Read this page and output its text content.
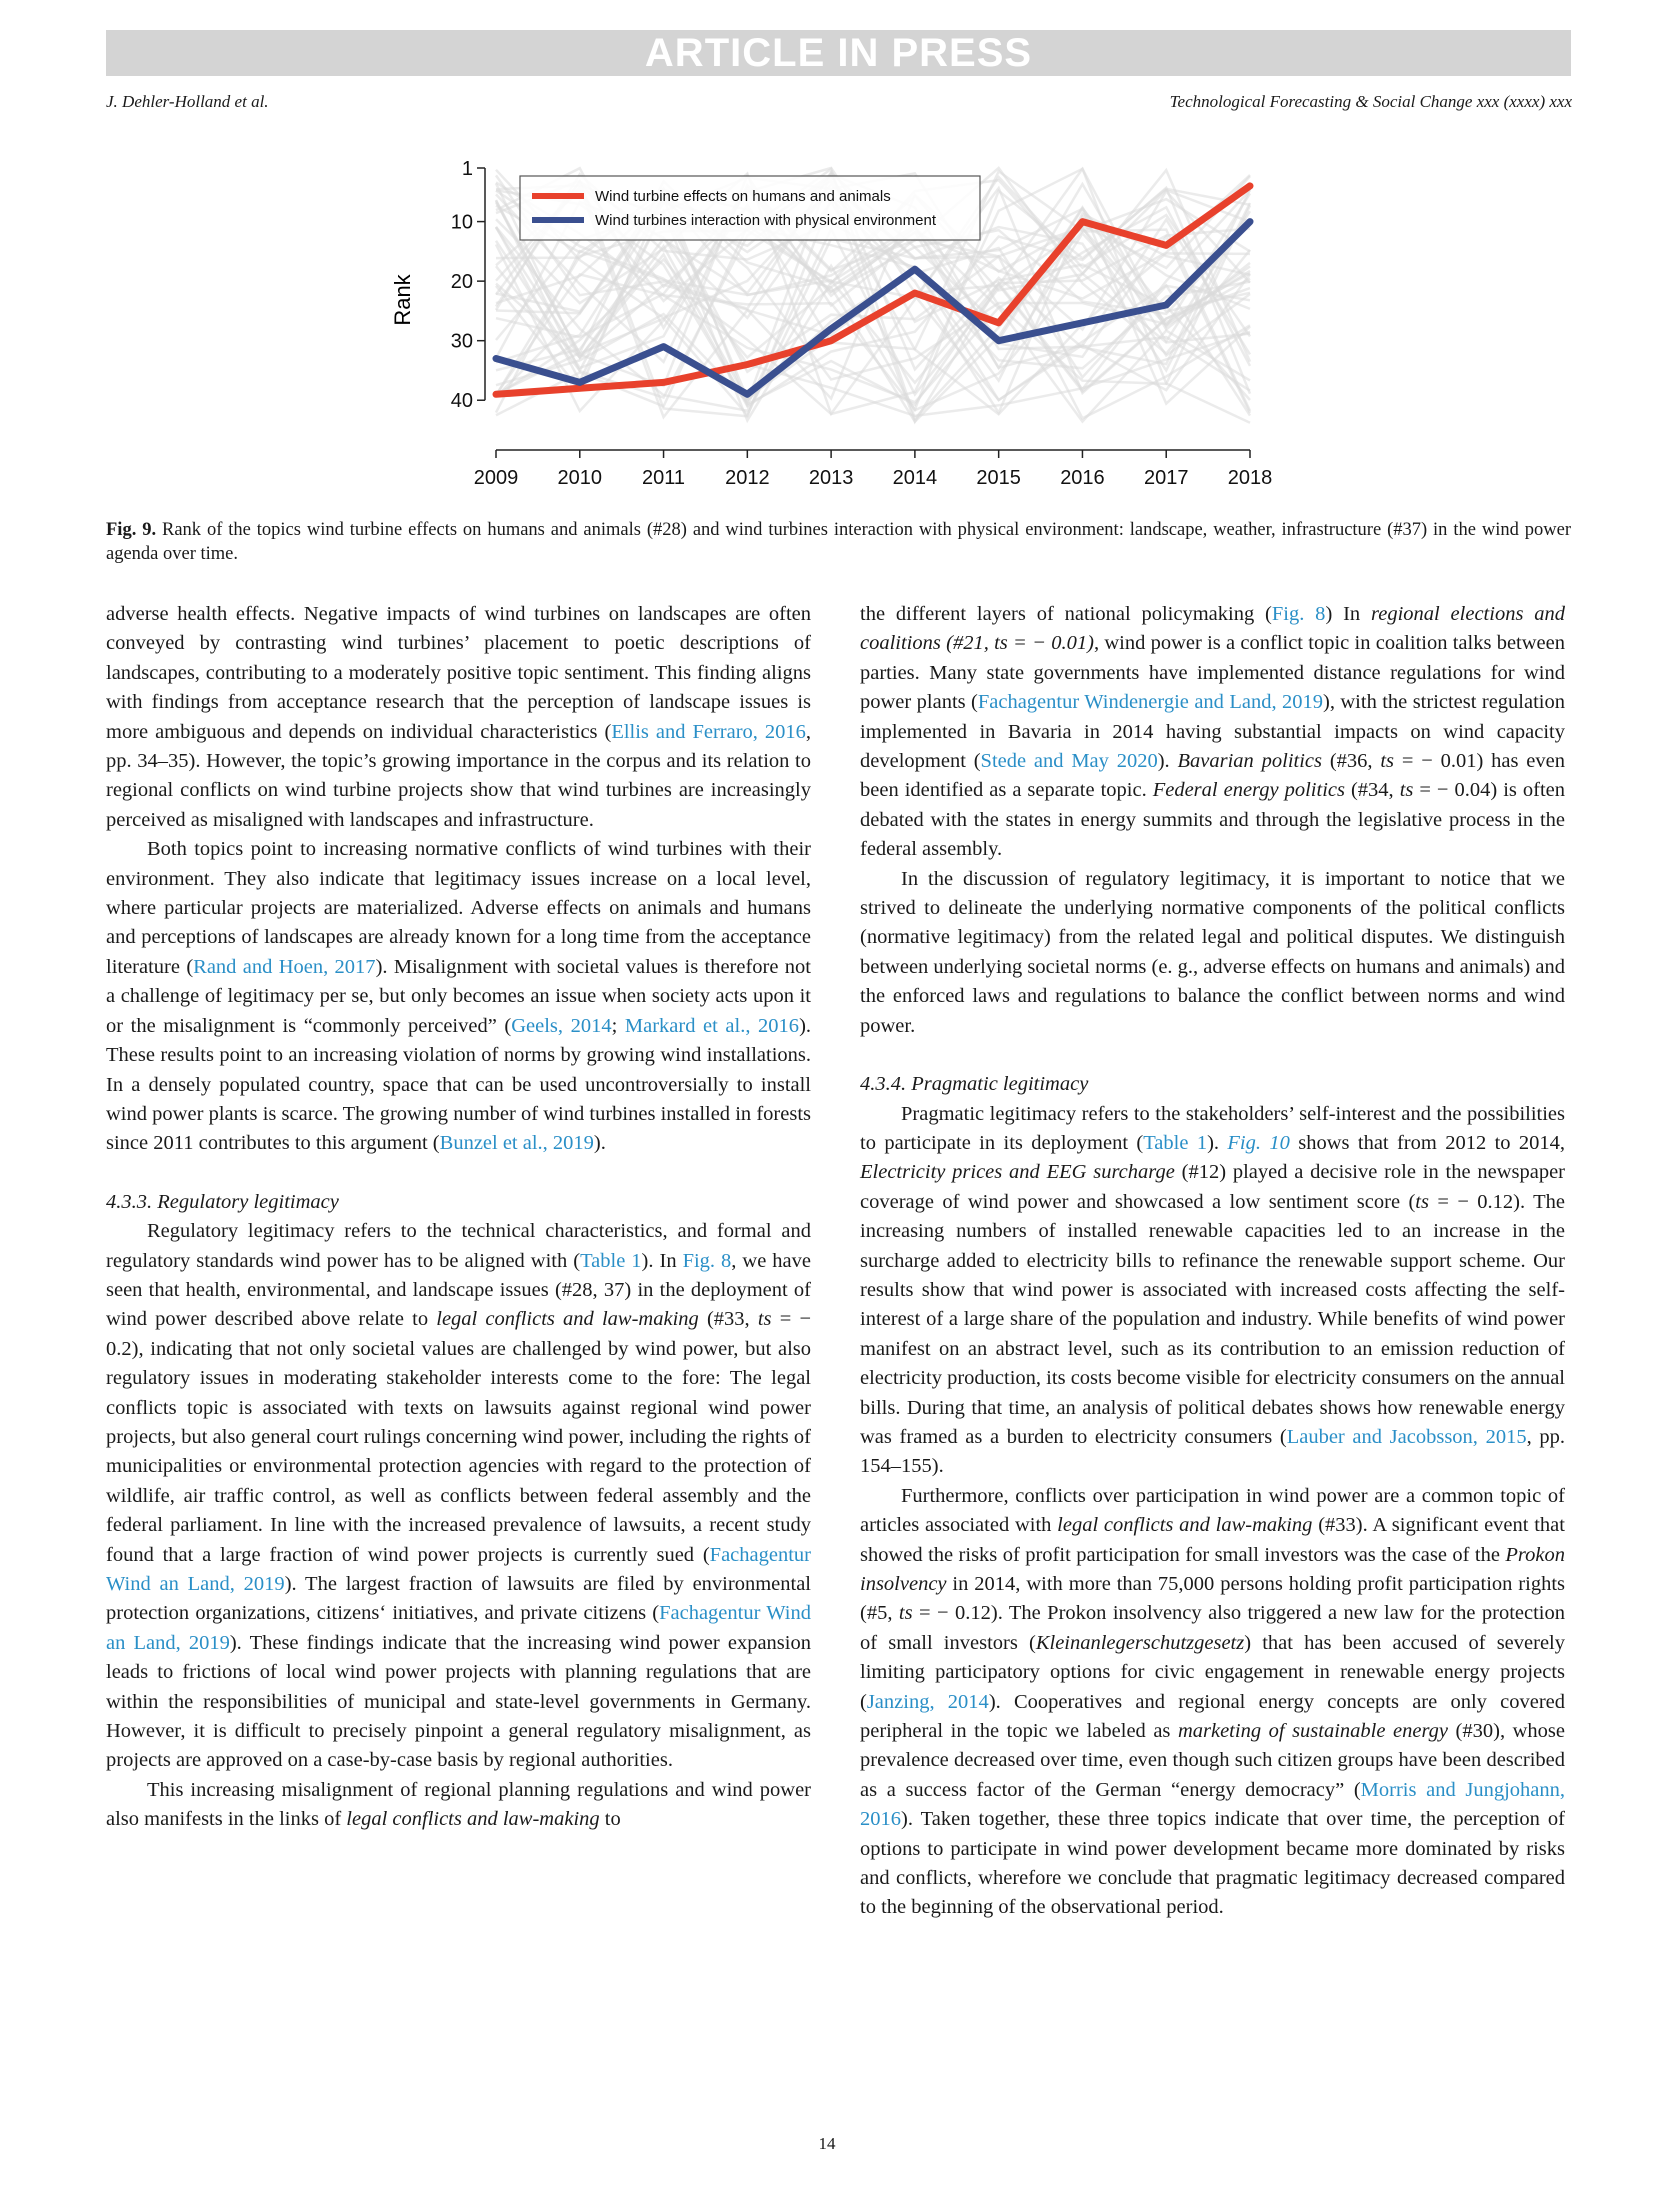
ARTICLE IN PRESS
J. Dehler-Holland et al.	Technological Forecasting & Social Change xxx (xxxx) xxx
1
10
20
30
40
2009 2010 2011 2012 2013 2014 2015 2016 2017 2018
Wind turbine effects on humans and animals
Wind turbines interaction with physical environment
Rank
Fig. 9. Rank of the topics wind turbine effects on humans and animals (#28) and wind turbines interaction with physical environment: landscape, weather, infrastructure (#37) in the wind power agenda over time.

adverse health effects. Negative impacts of wind turbines on landscapes are often conveyed by contrasting wind turbines’ placement to poetic descriptions of landscapes, contributing to a moderately positive topic sentiment. This finding aligns with findings from acceptance research that the perception of landscape issues is more ambiguous and depends on individual characteristics (Ellis and Ferraro, 2016, pp. 34–35). However, the topic’s growing importance in the corpus and its relation to regional conflicts on wind turbine projects show that wind turbines are increasingly perceived as misaligned with landscapes and infrastructure.

Both topics point to increasing normative conflicts of wind turbines with their environment. They also indicate that legitimacy issues increase on a local level, where particular projects are materialized. Adverse effects on animals and humans and perceptions of landscapes are already known for a long time from the acceptance literature (Rand and Hoen, 2017). Misalignment with societal values is therefore not a challenge of legitimacy per se, but only becomes an issue when society acts upon it or the misalignment is “commonly perceived” (Geels, 2014; Markard et al., 2016). These results point to an increasing violation of norms by growing wind installations. In a densely populated country, space that can be used uncontroversially to install wind power plants is scarce. The growing number of wind turbines installed in forests since 2011 contributes to this argument (Bunzel et al., 2019).

4.3.3. Regulatory legitimacy

Regulatory legitimacy refers to the technical characteristics, and formal and regulatory standards wind power has to be aligned with (Table 1). In Fig. 8, we have seen that health, environmental, and landscape issues (#28, 37) in the deployment of wind power described above relate to legal conflicts and law-making (#33, ts = − 0.2), indicating that not only societal values are challenged by wind power, but also regulatory issues in moderating stakeholder interests come to the fore: The legal conflicts topic is associated with texts on lawsuits against regional wind power projects, but also general court rulings concerning wind power, including the rights of municipalities or environmental protection agencies with regard to the protection of wildlife, air traffic control, as well as conflicts between federal assembly and the federal parliament. In line with the increased prevalence of lawsuits, a recent study found that a large fraction of wind power projects is currently sued (Fachagentur Wind an Land, 2019). The largest fraction of lawsuits are filed by environmental protection organizations, citizens‘ initiatives, and private citizens (Fachagentur Wind an Land, 2019). These findings indicate that the increasing wind power expansion leads to frictions of local wind power projects with planning regulations that are within the responsibilities of municipal and state-level governments in Germany. However, it is difficult to precisely pinpoint a general regulatory misalignment, as projects are approved on a case-by-case basis by regional authorities.

This increasing misalignment of regional planning regulations and wind power also manifests in the links of legal conflicts and law-making to

the different layers of national policymaking (Fig. 8) In regional elections and coalitions (#21, ts = − 0.01), wind power is a conflict topic in coalition talks between parties. Many state governments have implemented distance regulations for wind power plants (Fachagentur Windenergie and Land, 2019), with the strictest regulation implemented in Bavaria in 2014 having substantial impacts on wind capacity development (Stede and May 2020). Bavarian politics (#36, ts = − 0.01) has even been identified as a separate topic. Federal energy politics (#34, ts = − 0.04) is often debated with the states in energy summits and through the legislative process in the federal assembly.

In the discussion of regulatory legitimacy, it is important to notice that we strived to delineate the underlying normative components of the political conflicts (normative legitimacy) from the related legal and political disputes. We distinguish between underlying societal norms (e. g., adverse effects on humans and animals) and the enforced laws and regulations to balance the conflict between norms and wind power.

4.3.4. Pragmatic legitimacy

Pragmatic legitimacy refers to the stakeholders’ self-interest and the possibilities to participate in its deployment (Table 1). Fig. 10 shows that from 2012 to 2014, Electricity prices and EEG surcharge (#12) played a decisive role in the newspaper coverage of wind power and showcased a low sentiment score (ts = − 0.12). The increasing numbers of installed renewable capacities led to an increase in the surcharge added to electricity bills to refinance the renewable support scheme. Our results show that wind power is associated with increased costs affecting the self-interest of a large share of the population and industry. While benefits of wind power manifest on an abstract level, such as its contribution to an emission reduction of electricity production, its costs become visible for electricity consumers on the annual bills. During that time, an analysis of political debates shows how renewable energy was framed as a burden to electricity consumers (Lauber and Jacobsson, 2015, pp. 154–155).

Furthermore, conflicts over participation in wind power are a common topic of articles associated with legal conflicts and law-making (#33). A significant event that showed the risks of profit participation for small investors was the case of the Prokon insolvency in 2014, with more than 75,000 persons holding profit participation rights (#5, ts = − 0.12). The Prokon insolvency also triggered a new law for the protection of small investors (Kleinanlegerschutzgesetz) that has been accused of severely limiting participatory options for civic engagement in renewable energy projects (Janzing, 2014). Cooperatives and regional energy concepts are only covered peripheral in the topic we labeled as marketing of sustainable energy (#30), whose prevalence decreased over time, even though such citizen groups have been described as a success factor of the German “energy democracy” (Morris and Jungjohann, 2016). Taken together, these three topics indicate that over time, the perception of options to participate in wind power development became more dominated by risks and conflicts, wherefore we conclude that pragmatic legitimacy decreased compared to the beginning of the observational period.

14
